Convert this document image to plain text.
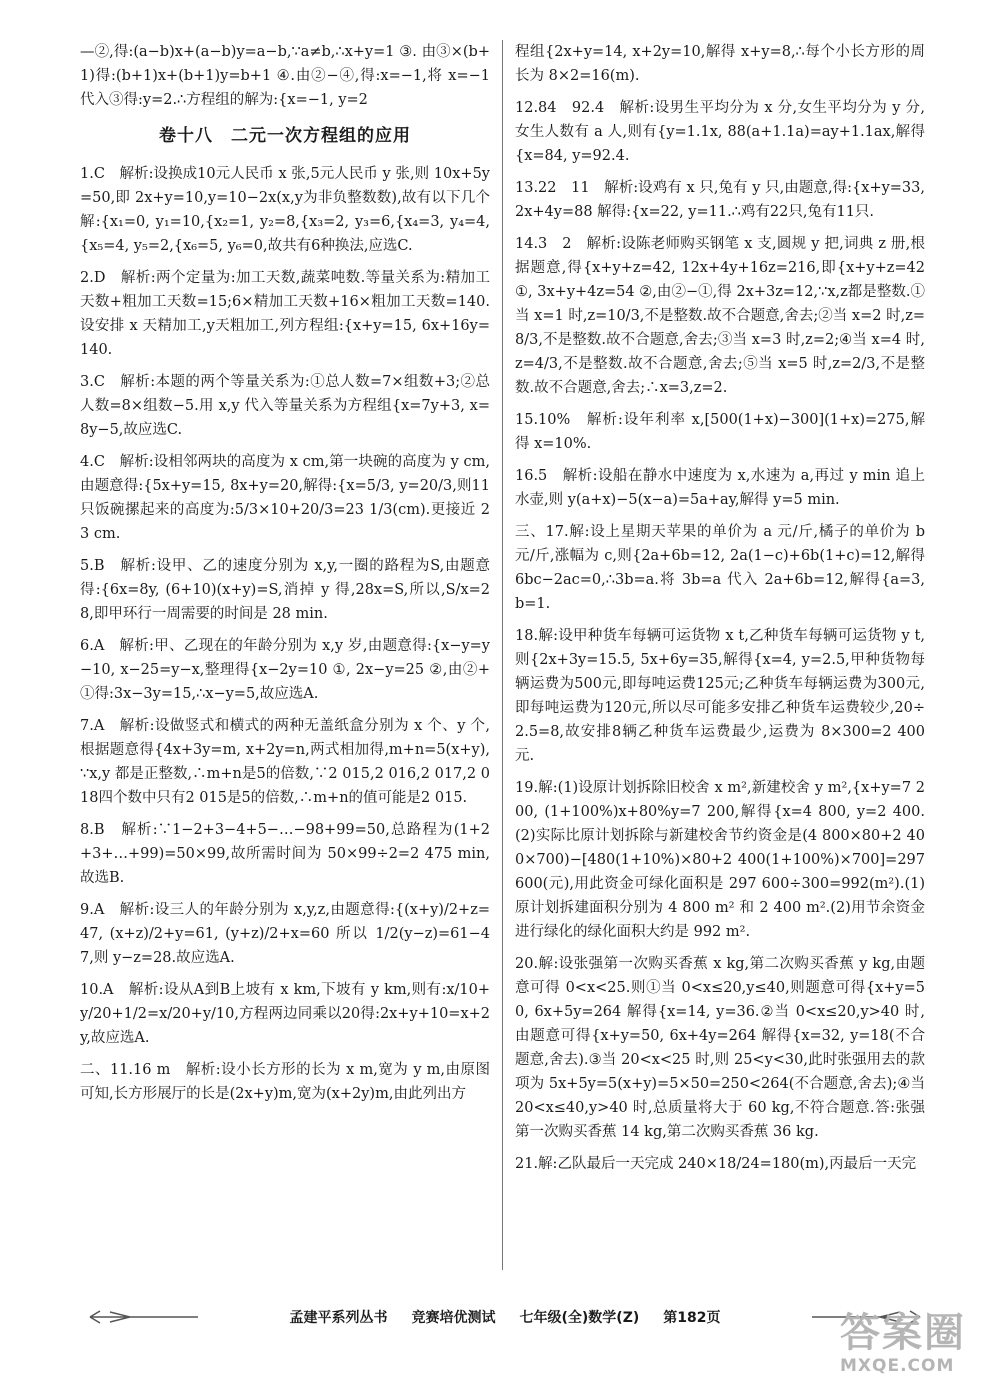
—②,得:(a−b)x+(a−b)y=a−b,∵a≠b,∴x+y=1 ③. 由③×(b+1)得:(b+1)x+(b+1)y=b+1 ④.由②−④,得:x=−1,将 x=−1 代入③得:y=2.∴方程组的解为:{x=−1, y=2

卷十八　二元一次方程组的应用

1.C　解析:设换成10元人民币 x 张,5元人民币 y 张,则 10x+5y=50,即 2x+y=10,y=10−2x(x,y为非负整数数),故有以下几个解:{x₁=0, y₁=10,{x₂=1, y₂=8,{x₃=2, y₃=6,{x₄=3, y₄=4,{x₅=4, y₅=2,{x₆=5, y₆=0,故共有6种换法,应选C.

2.D　解析:两个定量为:加工天数,蔬菜吨数.等量关系为:精加工天数+粗加工天数=15;6×精加工天数+16×粗加工天数=140.设安排 x 天精加工,y天粗加工,列方程组:{x+y=15, 6x+16y=140.

3.C　解析:本题的两个等量关系为:①总人数=7×组数+3;②总人数=8×组数−5.用 x,y 代入等量关系为方程组{x=7y+3, x=8y−5,故应选C.

4.C　解析:设相邻两块的高度为 x cm,第一块碗的高度为 y cm,由题意得:{5x+y=15, 8x+y=20,解得:{x=5/3, y=20/3,则11只饭碗摞起来的高度为:5/3×10+20/3=23 1/3(cm).更接近 23 cm.

5.B　解析:设甲、乙的速度分别为 x,y,一圈的路程为S,由题意得:{6x=8y, (6+10)(x+y)=S,消掉 y 得,28x=S,所以,S/x=28,即甲环行一周需要的时间是 28 min.

6.A　解析:甲、乙现在的年龄分别为 x,y 岁,由题意得:{x−y=y−10, x−25=y−x,整理得{x−2y=10 ①, 2x−y=25 ②,由②+①得:3x−3y=15,∴x−y=5,故应选A.

7.A　解析:设做竖式和横式的两种无盖纸盒分别为 x 个、y 个,根据题意得{4x+3y=m, x+2y=n,两式相加得,m+n=5(x+y),∵x,y 都是正整数,∴m+n是5的倍数,∵2 015,2 016,2 017,2 018四个数中只有2 015是5的倍数,∴m+n的值可能是2 015.

8.B　解析:∵1−2+3−4+5−…−98+99=50,总路程为(1+2+3+…+99)=50×99,故所需时间为 50×99÷2=2 475 min,故选B.

9.A　解析:设三人的年龄分别为 x,y,z,由题意得:{(x+y)/2+z=47, (x+z)/2+y=61, (y+z)/2+x=60 所以 1/2(y−z)=61−47,则 y−z=28.故应选A.

10.A　解析:设从A到B上坡有 x km,下坡有 y km,则有:x/10+y/20+1/2=x/20+y/10,方程两边同乘以20得:2x+y+10=x+2y,故应选A.

二、11.16 m　解析:设小长方形的长为 x m,宽为 y m,由原图可知,长方形展厅的长是(2x+y)m,宽为(x+2y)m,由此列出方

程组{2x+y=14, x+2y=10,解得 x+y=8,∴每个小长方形的周长为 8×2=16(m).

12.84　92.4　解析:设男生平均分为 x 分,女生平均分为 y 分,女生人数有 a 人,则有{y=1.1x, 88(a+1.1a)=ay+1.1ax,解得{x=84, y=92.4.

13.22　11　解析:设鸡有 x 只,兔有 y 只,由题意,得:{x+y=33, 2x+4y=88 解得:{x=22, y=11.∴鸡有22只,兔有11只.

14.3　2　解析:设陈老师购买钢笔 x 支,圆规 y 把,词典 z 册,根据题意,得{x+y+z=42, 12x+4y+16z=216,即{x+y+z=42 ①, 3x+y+4z=54 ②,由②−①,得 2x+3z=12,∵x,z都是整数.①当 x=1 时,z=10/3,不是整数.故不合题意,舍去;②当 x=2 时,z=8/3,不是整数.故不合题意,舍去;③当 x=3 时,z=2;④当 x=4 时,z=4/3,不是整数.故不合题意,舍去;⑤当 x=5 时,z=2/3,不是整数.故不合题意,舍去;∴x=3,z=2.

15.10%　解析:设年利率 x,[500(1+x)−300](1+x)=275,解得 x=10%.

16.5　解析:设船在静水中速度为 x,水速为 a,再过 y min 追上水壶,则 y(a+x)−5(x−a)=5a+ay,解得 y=5 min.

三、17.解:设上星期天苹果的单价为 a 元/斤,橘子的单价为 b 元/斤,涨幅为 c,则{2a+6b=12, 2a(1−c)+6b(1+c)=12,解得 6bc−2ac=0,∴3b=a.将 3b=a 代入 2a+6b=12,解得{a=3, b=1.

18.解:设甲种货车每辆可运货物 x t,乙种货车每辆可运货物 y t,则{2x+3y=15.5, 5x+6y=35,解得{x=4, y=2.5,甲种货物每辆运费为500元,即每吨运费125元;乙种货车每辆运费为300元,即每吨运费为120元,所以尽可能多安排乙种货车运费较少,20÷2.5=8,故安排8辆乙种货车运费最少,运费为 8×300=2 400 元.

19.解:(1)设原计划拆除旧校舍 x m²,新建校舍 y m²,{x+y=7 200, (1+100%)x+80%y=7 200,解得{x=4 800, y=2 400.(2)实际比原计划拆除与新建校舍节约资金是(4 800×80+2 400×700)−[480(1+10%)×80+2 400(1+100%)×700]=297 600(元),用此资金可绿化面积是 297 600÷300=992(m²).(1)原计划拆建面积分别为 4 800 m² 和 2 400 m².(2)用节余资金进行绿化的绿化面积大约是 992 m².

20.解:设张强第一次购买香蕉 x kg,第二次购买香蕉 y kg,由题意可得 0<x<25.则①当 0<x≤20,y≤40,则题意可得{x+y=50, 6x+5y=264 解得{x=14, y=36.②当 0<x≤20,y>40 时,由题意可得{x+y=50, 6x+4y=264 解得{x=32, y=18(不合题意,舍去).③当 20<x<25 时,则 25<y<30,此时张强用去的款项为 5x+5y=5(x+y)=5×50=250<264(不合题意,舍去);④当 20<x≤40,y>40 时,总质量将大于 60 kg,不符合题意.答:张强第一次购买香蕉 14 kg,第二次购买香蕉 36 kg.

21.解:乙队最后一天完成 240×18/24=180(m),丙最后一天完

孟建平系列丛书 竞赛培优测试 七年级(全)数学(Z) 第182页	答案圈
MXQE.COM
